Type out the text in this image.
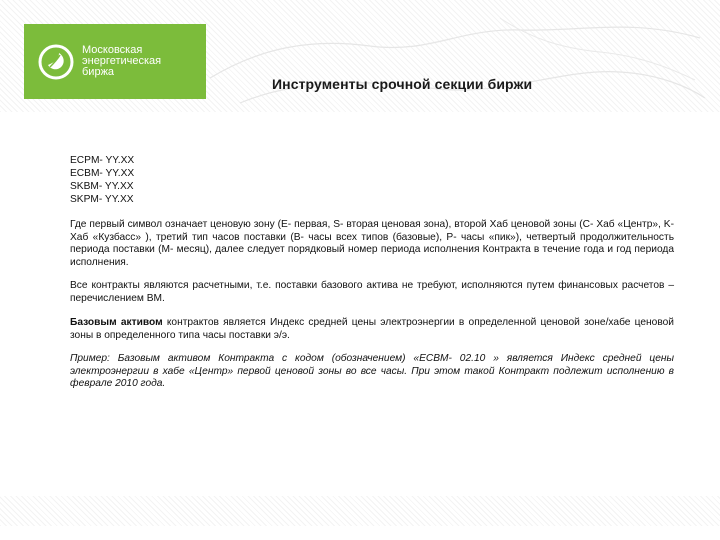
Московская
энергетическая
биржа
Инструменты срочной секции биржи
ECPM- YY.XX
ECBM- YY.XX
SKBM- YY.XX
SKPM- YY.XX

Где первый символ означает ценовую зону (E- первая, S- вторая ценовая зона), второй Хаб ценовой зоны (C- Хаб «Центр», K- Хаб «Кузбасс» ), третий тип часов поставки (B- часы всех типов (базовые), P- часы «пик»), четвертый продолжительность периода поставки (M- месяц), далее следует порядковый номер периода исполнения Контракта в течение года и год периода исполнения.

Все контракты являются расчетными, т.е. поставки базового актива не требуют, исполняются путем финансовых расчетов – перечислением ВМ.

Базовым активом контрактов является Индекс средней цены электроэнергии в определенной ценовой зоне/хабе ценовой зоны в определенного типа часы поставки э/э.

Пример: Базовым активом Контракта с кодом (обозначением) «ECBM- 02.10 » является Индекс средней цены электроэнергии в хабе «Центр» первой ценовой зоны во все часы. При этом такой Контракт подлежит исполнению в феврале 2010 года.
